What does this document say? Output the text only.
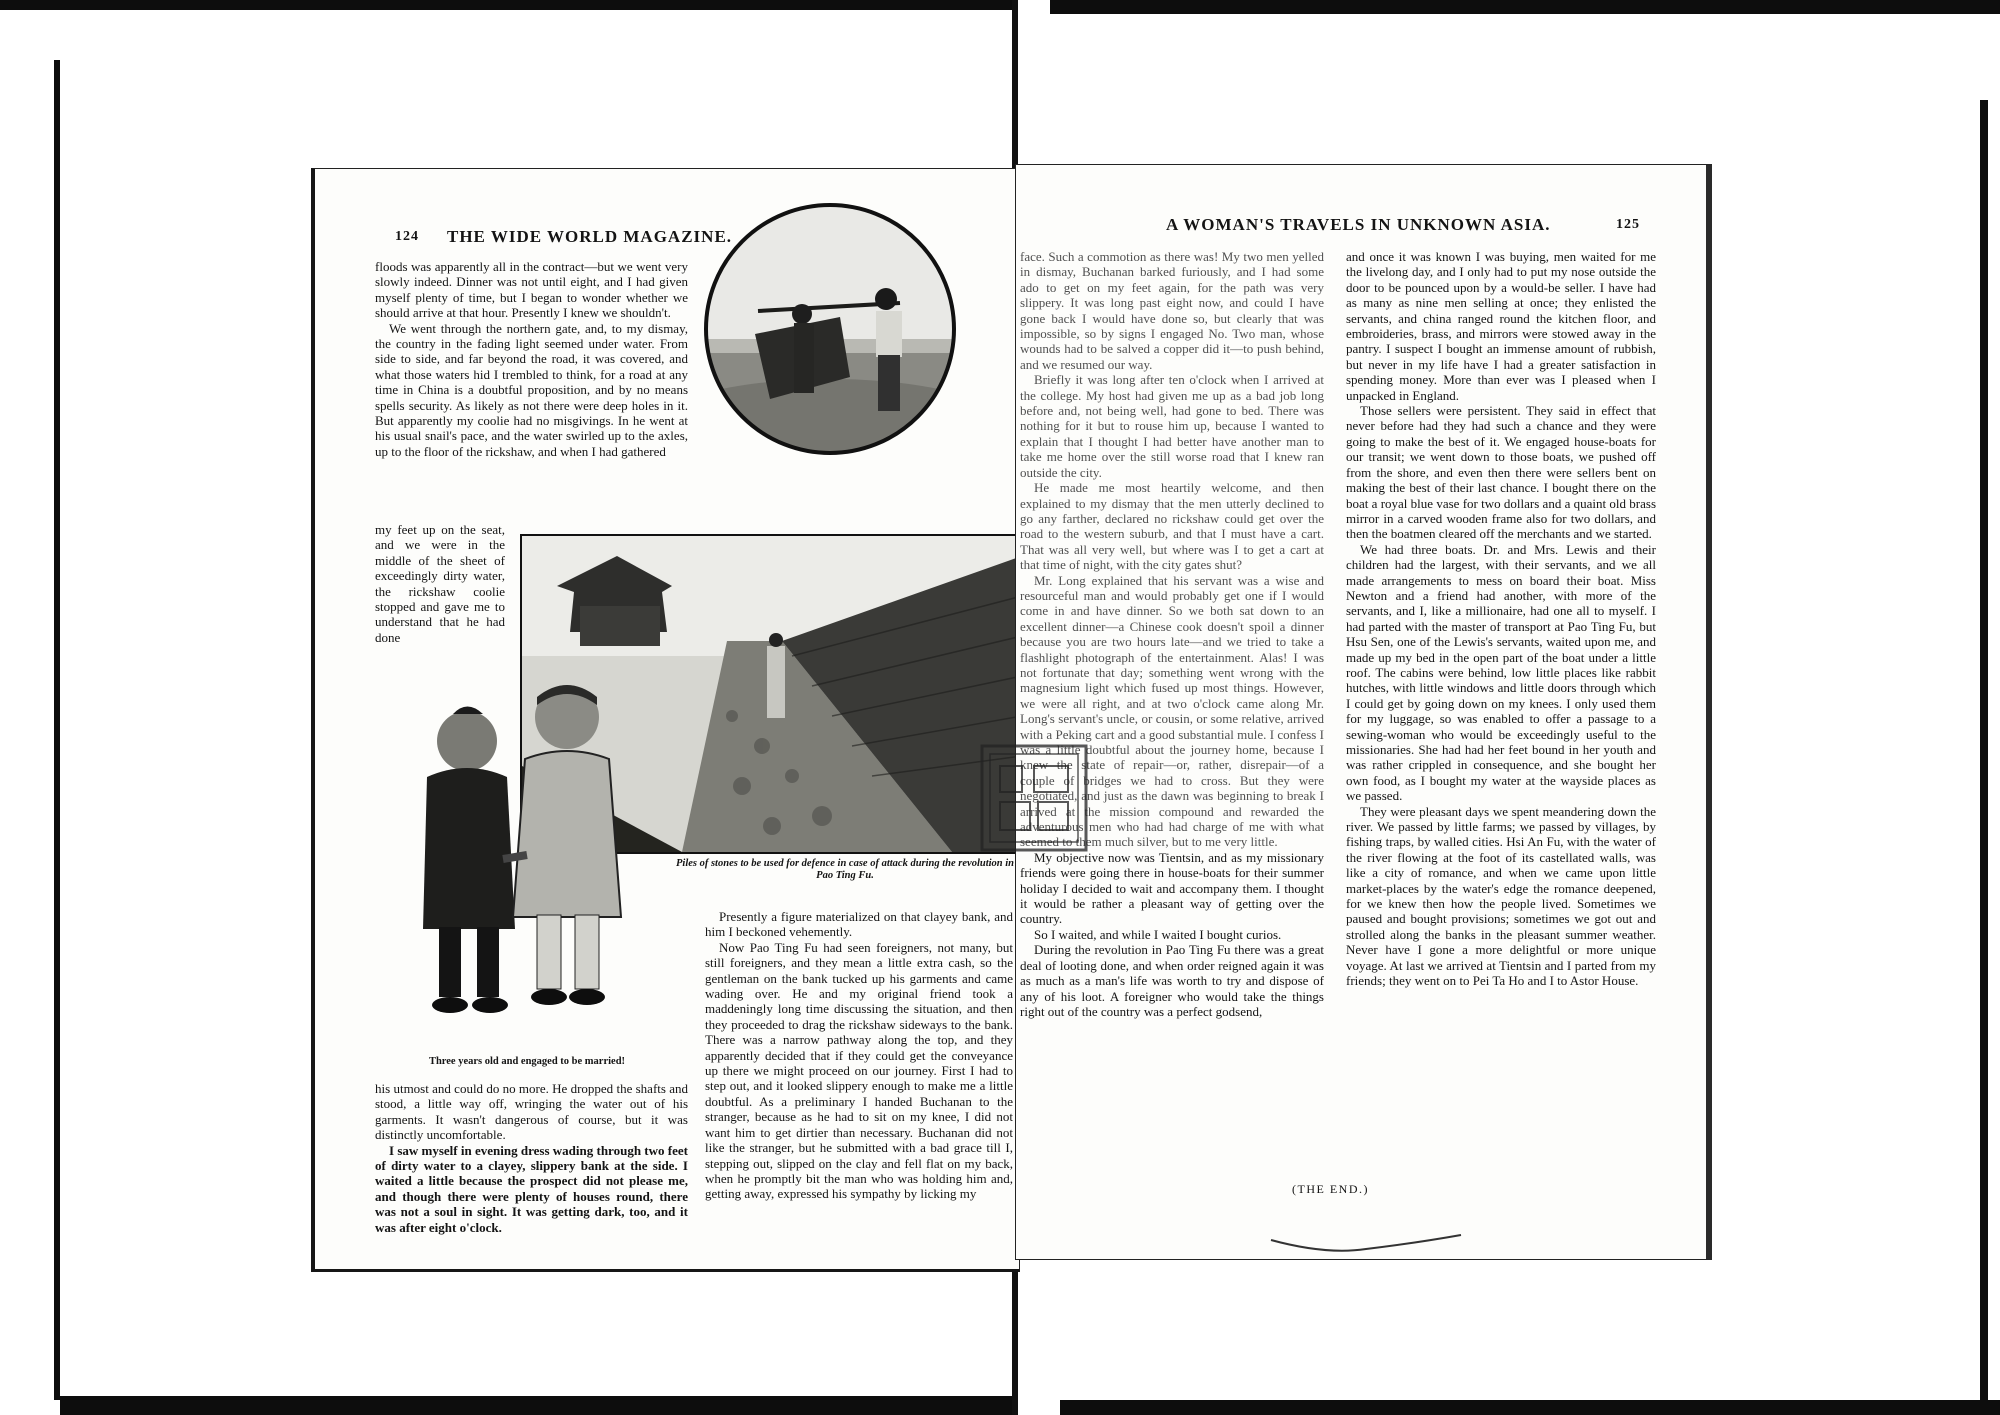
124 THE WIDE WORLD MAGAZINE.

floods was apparently all in the contract—but we went very slowly indeed. Dinner was not until eight, and I had given myself plenty of time, but I began to wonder whether we should arrive at that hour. Presently I knew we shouldn't.

We went through the northern gate, and, to my dismay, the country in the fading light seemed under water. From side to side, and far beyond the road, it was covered, and what those waters hid I trembled to think, for a road at any time in China is a doubtful proposition, and by no means spells security. As likely as not there were deep holes in it. But apparently my coolie had no misgivings. In he went at his usual snail's pace, and the water swirled up to the axles, up to the floor of the rickshaw, and when I had gathered

my feet up on the seat, and we were in the middle of the sheet of exceedingly dirty water, the rickshaw coolie stopped and gave me to understand that he had done

Piles of stones to be used for defence in case of attack during the revolution in Pao Ting Fu.
Three years old and engaged to be married!

his utmost and could do no more. He dropped the shafts and stood, a little way off, wringing the water out of his garments. It wasn't dangerous of course, but it was distinctly uncomfortable.

I saw myself in evening dress wading through two feet of dirty water to a clayey, slippery bank at the side. I waited a little because the prospect did not please me, and though there were plenty of houses round, there was not a soul in sight. It was getting dark, too, and it was after eight o'clock.

Presently a figure materialized on that clayey bank, and him I beckoned vehemently.

Now Pao Ting Fu had seen foreigners, not many, but still foreigners, and they mean a little extra cash, so the gentleman on the bank tucked up his garments and came wading over. He and my original friend took a maddeningly long time discussing the situation, and then they proceeded to drag the rickshaw sideways to the bank. There was a narrow pathway along the top, and they apparently decided that if they could get the conveyance up there we might proceed on our journey. First I had to step out, and it looked slippery enough to make me a little doubtful. As a preliminary I handed Buchanan to the stranger, because as he had to sit on my knee, I did not want him to get dirtier than necessary. Buchanan did not like the stranger, but he submitted with a bad grace till I, stepping out, slipped on the clay and fell flat on my back, when he promptly bit the man who was holding him and, getting away, expressed his sympathy by licking my

A WOMAN'S TRAVELS IN UNKNOWN ASIA.	125

face. Such a commotion as there was! My two men yelled in dismay, Buchanan barked furiously, and I had some ado to get on my feet again, for the path was very slippery. It was long past eight now, and could I have gone back I would have done so, but clearly that was impossible, so by signs I engaged No. Two man, whose wounds had to be salved a copper did it—to push behind, and we resumed our way.

Briefly it was long after ten o'clock when I arrived at the college. My host had given me up as a bad job long before and, not being well, had gone to bed. There was nothing for it but to rouse him up, because I wanted to explain that I thought I had better have another man to take me home over the still worse road that I knew ran outside the city.

He made me most heartily welcome, and then explained to my dismay that the men utterly declined to go any farther, declared no rickshaw could get over the road to the western suburb, and that I must have a cart. That was all very well, but where was I to get a cart at that time of night, with the city gates shut?

Mr. Long explained that his servant was a wise and resourceful man and would probably get one if I would come in and have dinner. So we both sat down to an excellent dinner—a Chinese cook doesn't spoil a dinner because you are two hours late—and we tried to take a flashlight photograph of the entertainment. Alas! I was not fortunate that day; something went wrong with the magnesium light which fused up most things. However, we were all right, and at two o'clock came along Mr. Long's servant's uncle, or cousin, or some relative, arrived with a Peking cart and a good substantial mule. I confess I was a little doubtful about the journey home, because I knew the state of repair—or, rather, disrepair—of a couple of bridges we had to cross. But they were negotiated, and just as the dawn was beginning to break I arrived at the mission compound and rewarded the adventurous men who had had charge of me with what seemed to them much silver, but to me very little.

My objective now was Tientsin, and as my missionary friends were going there in house-boats for their summer holiday I decided to wait and accompany them. I thought it would be rather a pleasant way of getting over the country.

So I waited, and while I waited I bought curios.

During the revolution in Pao Ting Fu there was a great deal of looting done, and when order reigned again it was as much as a man's life was worth to try and dispose of any of his loot. A foreigner who would take the things right out of the country was a perfect godsend,

and once it was known I was buying, men waited for me the livelong day, and I only had to put my nose outside the door to be pounced upon by a would-be seller. I have had as many as nine men selling at once; they enlisted the servants, and china ranged round the kitchen floor, and embroideries, brass, and mirrors were stowed away in the pantry. I suspect I bought an immense amount of rubbish, but never in my life have I had a greater satisfaction in spending money. More than ever was I pleased when I unpacked in England.

Those sellers were persistent. They said in effect that never before had they had such a chance and they were going to make the best of it. We engaged house-boats for our transit; we went down to those boats, we pushed off from the shore, and even then there were sellers bent on making the best of their last chance. I bought there on the boat a royal blue vase for two dollars and a quaint old brass mirror in a carved wooden frame also for two dollars, and then the boatmen cleared off the merchants and we started.

We had three boats. Dr. and Mrs. Lewis and their children had the largest, with their servants, and we all made arrangements to mess on board their boat. Miss Newton and a friend had another, with more of the servants, and I, like a millionaire, had one all to myself. I had parted with the master of transport at Pao Ting Fu, but Hsu Sen, one of the Lewis's servants, waited upon me, and made up my bed in the open part of the boat under a little roof. The cabins were behind, low little places like rabbit hutches, with little windows and little doors through which I could get by going down on my knees. I only used them for my luggage, so was enabled to offer a passage to a sewing-woman who would be exceedingly useful to the missionaries. She had had her feet bound in her youth and was rather crippled in consequence, and she bought her own food, as I bought my water at the wayside places as we passed.

They were pleasant days we spent meandering down the river. We passed by little farms; we passed by villages, by fishing traps, by walled cities. Hsi An Fu, with the water of the river flowing at the foot of its castellated walls, was like a city of romance, and when we came upon little market-places by the water's edge the romance deepened, for we knew then how the people lived. Sometimes we paused and bought provisions; sometimes we got out and strolled along the banks in the pleasant summer weather. Never have I gone a more delightful or more unique voyage. At last we arrived at Tientsin and I parted from my friends; they went on to Pei Ta Ho and I to Astor House.

(THE END.)
